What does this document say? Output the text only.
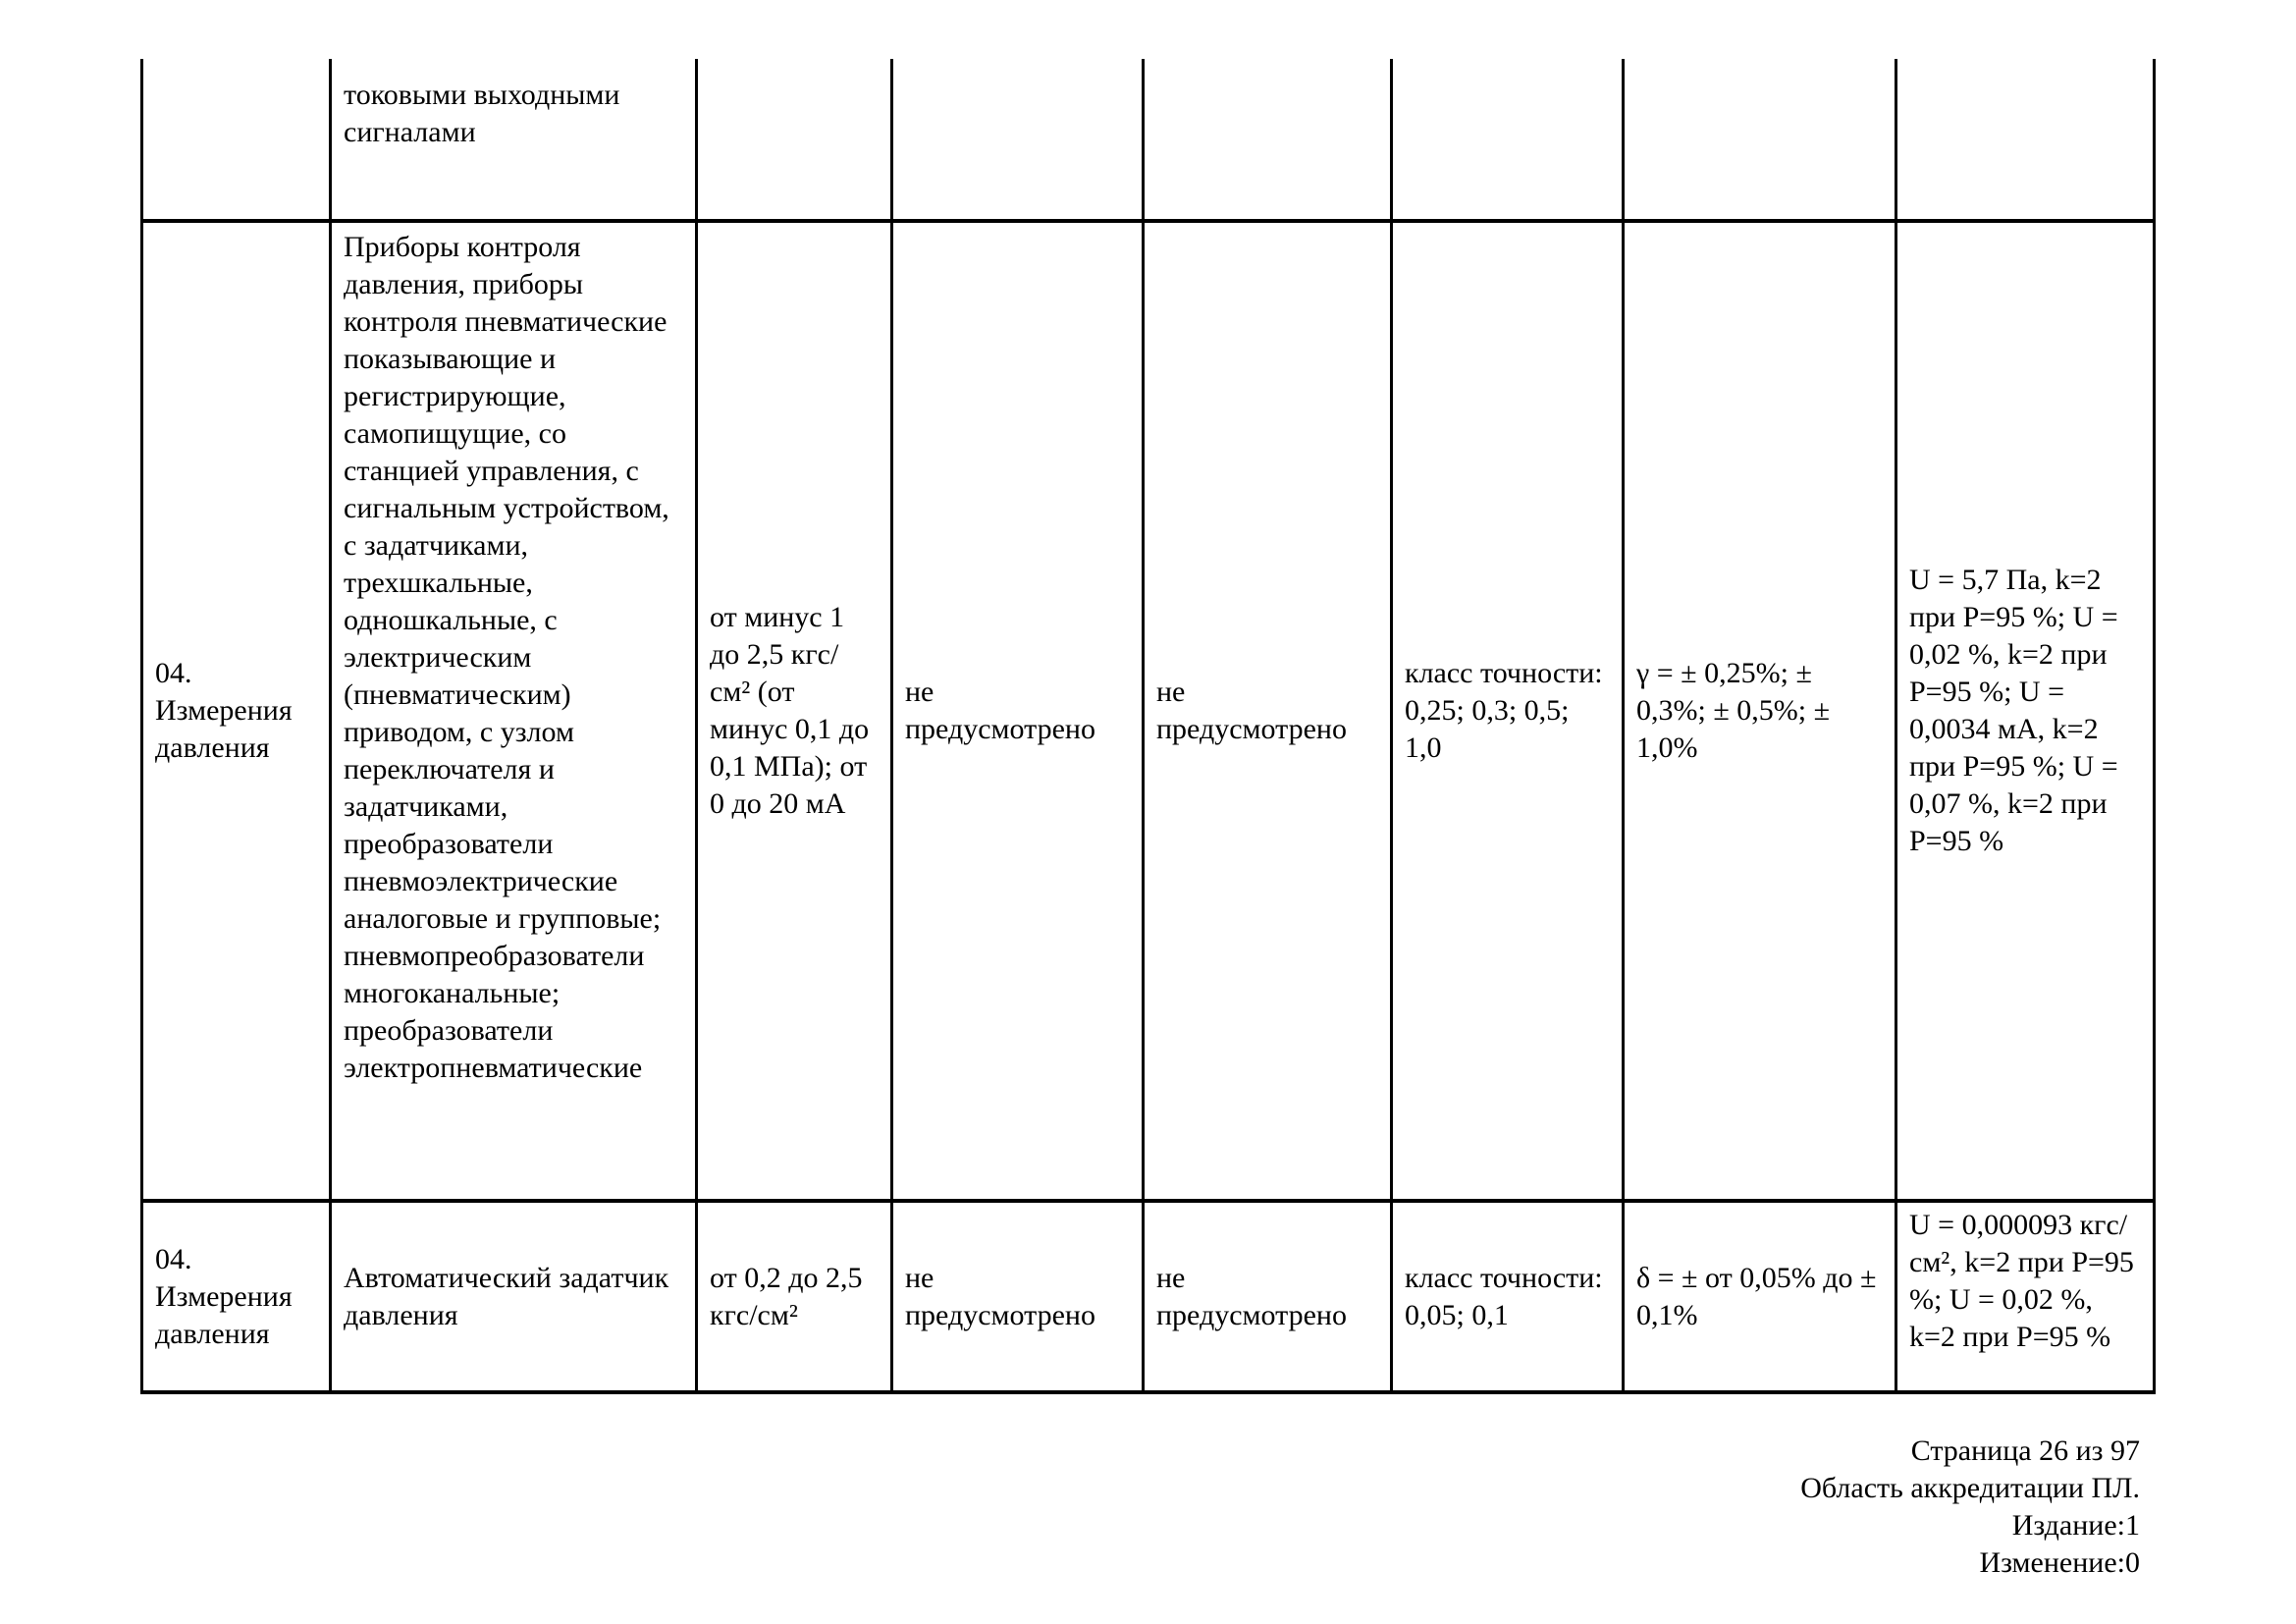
токовыми выходными сигналами
04. Измерения давления
Приборы контроля давления, приборы контроля пневматические показывающие и регистрирующие, самопищущие, со станцией управления, с сигнальным устройством, с задатчиками, трехшкальные, одношкальные, с электрическим (пневматическим) приводом, с узлом переключателя и задатчиками, преобразователи пневмоэлектрические аналоговые и групповые; пневмопреобразователи многоканальные; преобразователи электропневматические
от минус 1 до 2,5 кгс/см² (от минус 0,1 до 0,1 МПа); от 0 до 20 мА
не предусмотрено
не предусмотрено
класс точности: 0,25; 0,3; 0,5; 1,0
γ = ± 0,25%; ± 0,3%; ± 0,5%; ± 1,0%
U = 5,7 Па, k=2 при Р=95 %; U = 0,02 %, k=2 при Р=95 %; U = 0,0034 мА, k=2 при Р=95 %; U = 0,07 %, k=2 при Р=95 %
04. Измерения давления
Автоматический задатчик давления
от 0,2 до 2,5 кгс/см²
не предусмотрено
не предусмотрено
класс точности: 0,05; 0,1
δ = ± от 0,05% до ± 0,1%
U = 0,000093 кгс/см², k=2 при Р=95 %; U = 0,02 %, k=2 при Р=95 %
Страница 26 из 97
Область аккредитации ПЛ.
Издание:1
Изменение:0
